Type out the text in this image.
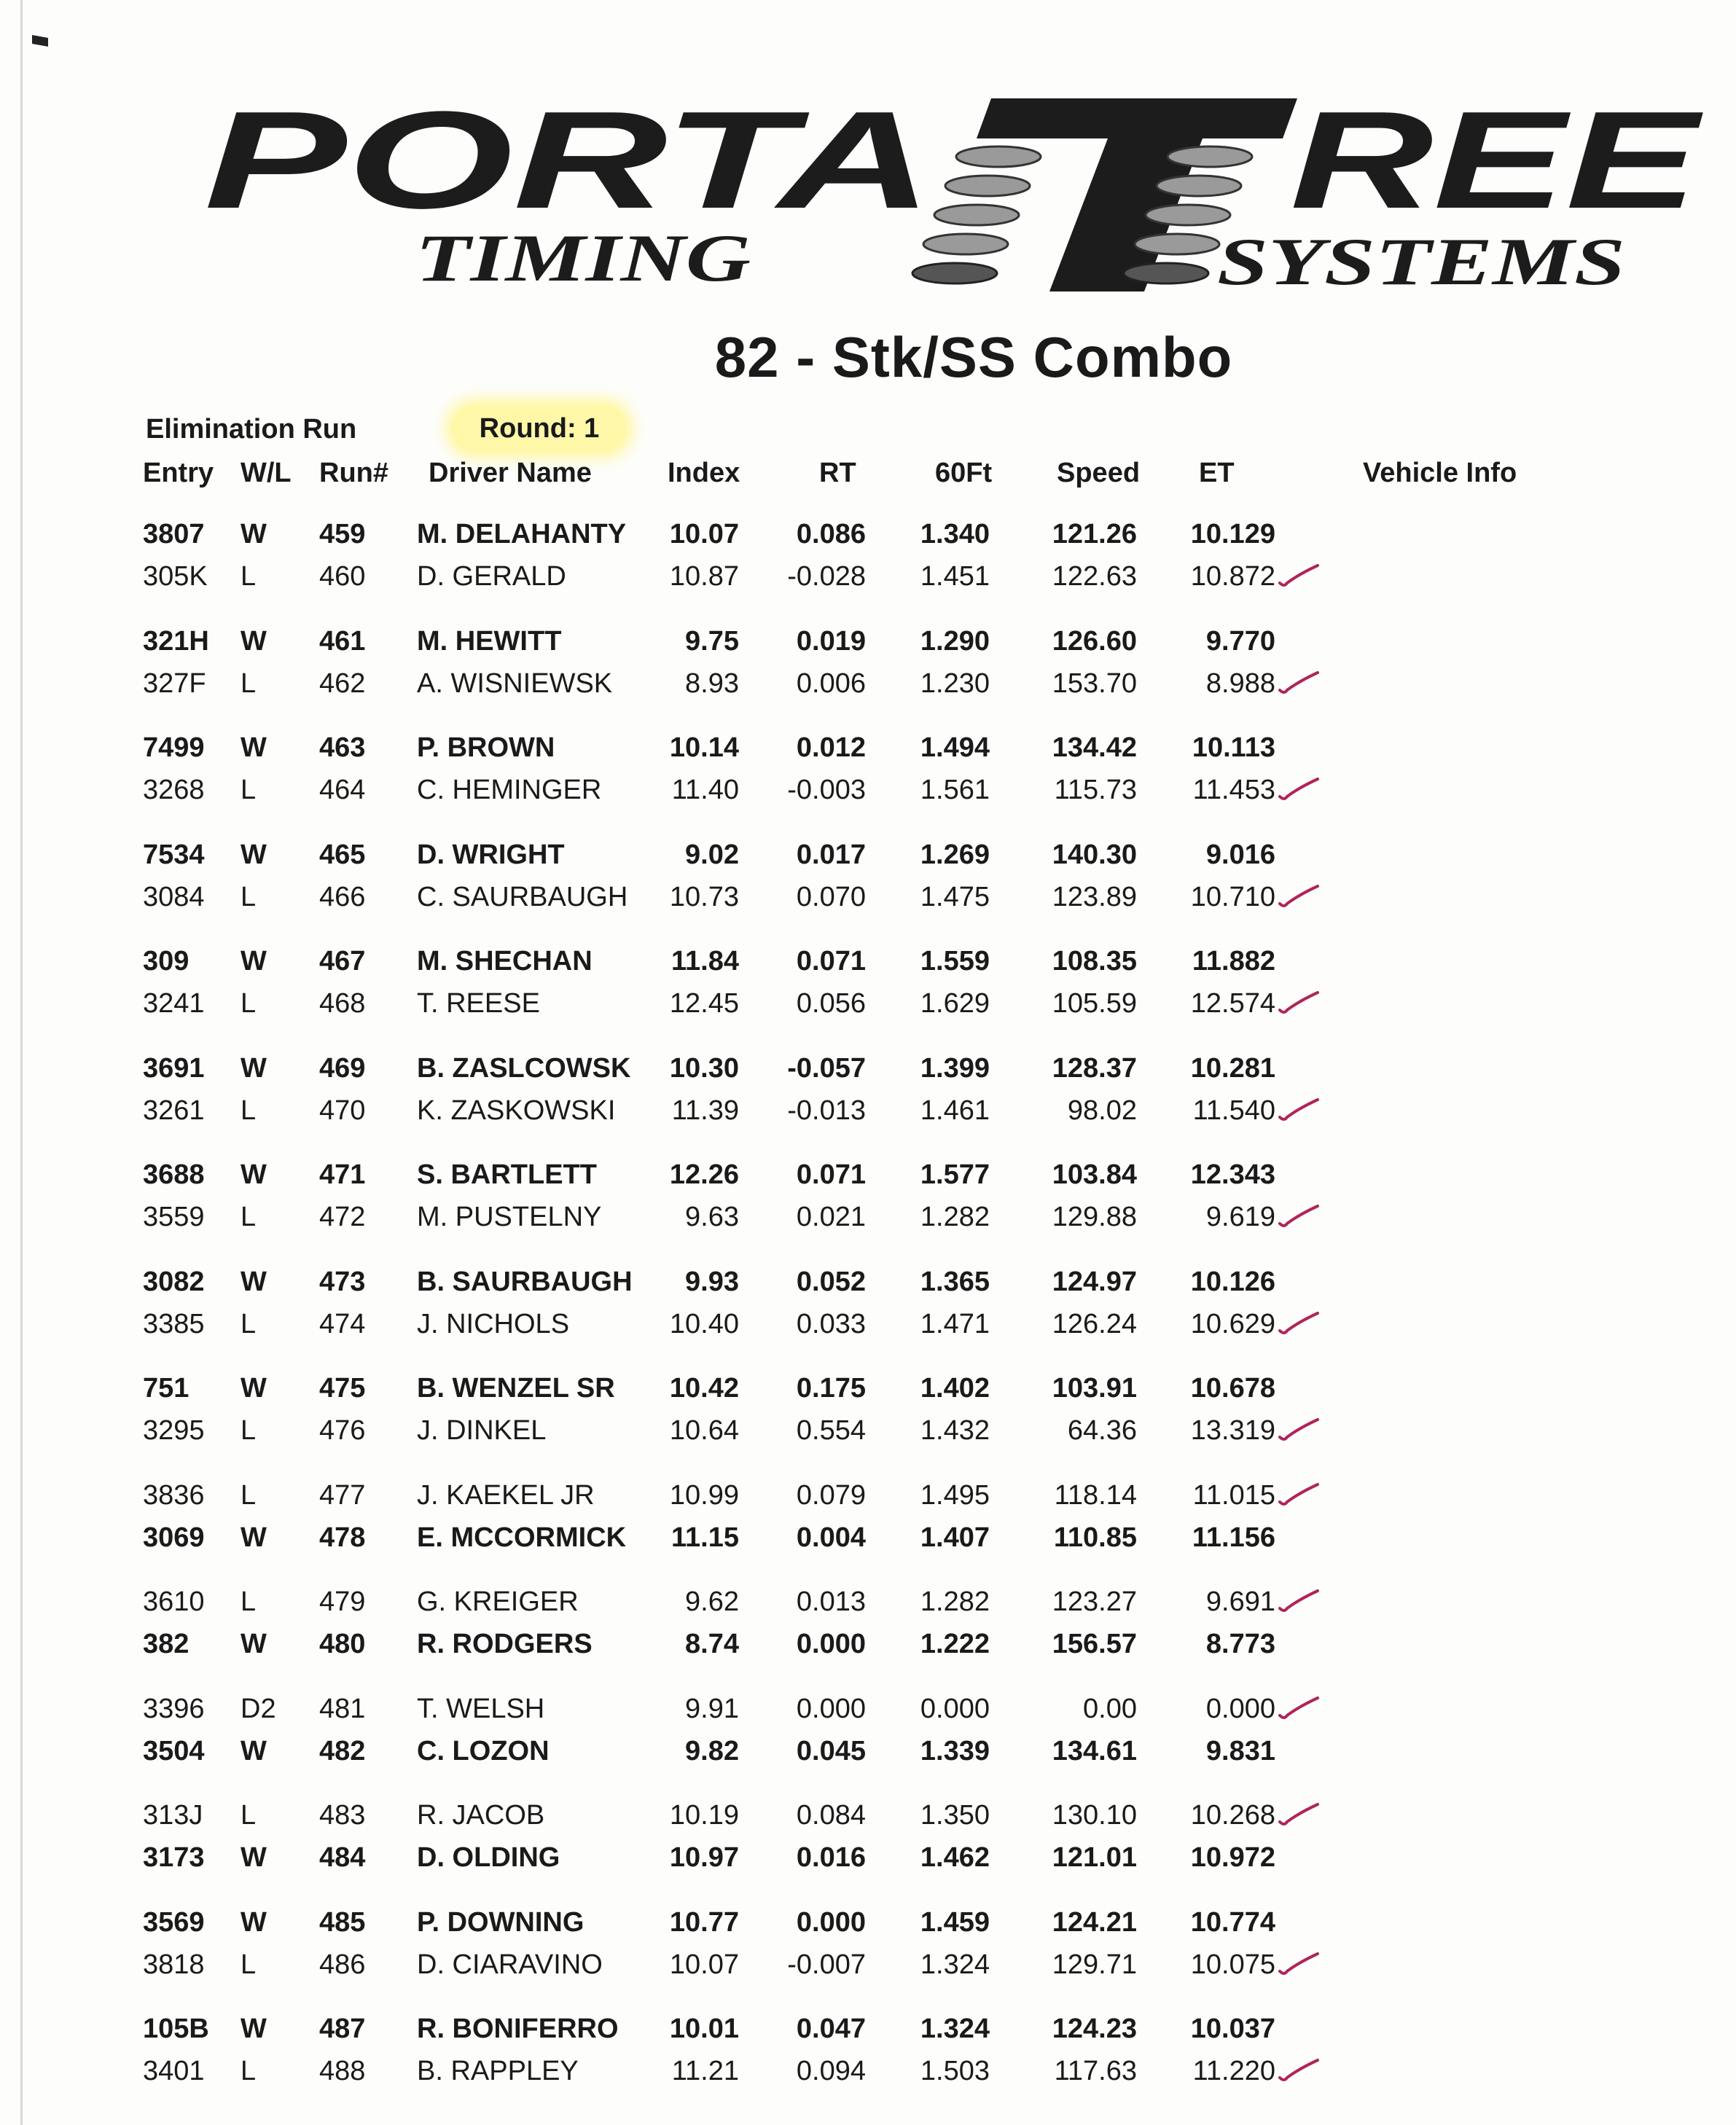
PORTA	REE
TIMING	SYSTEMS
82 - Stk/SS Combo
Elimination Run	Round: 1
Entry W/L Run# Driver Name	Index	RT	60Ft Speed ET	Vehicle Info
3807 W 459 M. DELAHANTY 10.07 0.086 1.340 121.26 10.129
305K L 460 D. GERALD	10.87 -0.028 1.451 122.63 10.872
321H W 461 M. HEWITT	9.75 0.019 1.290 126.60 9.770
327F L 462 A. WISNIEWSK	8.93 0.006 1.230 153.70 8.988
7499 W 463 P. BROWN	10.14 0.012 1.494 134.42 10.113
3268 L 464 C. HEMINGER	11.40 -0.003 1.561 115.73 11.453
7534 W 465 D. WRIGHT	9.02 0.017 1.269 140.30 9.016
3084 L 466 C. SAURBAUGH 10.73 0.070 1.475 123.89 10.710
309 W 467 M. SHECHAN	11.84 0.071 1.559 108.35 11.882
3241 L 468 T. REESE	12.45 0.056 1.629 105.59 12.574
3691 W 469 B. ZASLCOWSK 10.30 -0.057 1.399 128.37 10.281
3261 L 470 K. ZASKOWSKI 11.39 -0.013 1.461	98.02 11.540
3688 W 471 S. BARTLETT	12.26 0.071 1.577 103.84 12.343
3559 L 472 M. PUSTELNY	9.63 0.021 1.282 129.88 9.619
3082 W 473 B. SAURBAUGH 9.93 0.052 1.365 124.97 10.126
3385 L 474 J. NICHOLS	10.40 0.033 1.471 126.24 10.629
751 W 475 B. WENZEL SR 10.42 0.175 1.402 103.91 10.678
3295 L 476 J. DINKEL	10.64 0.554 1.432	64.36 13.319
3836 L 477 J. KAEKEL JR	10.99 0.079 1.495 118.14 11.015
3069 W 478 E. MCCORMICK 11.15 0.004 1.407 110.85 11.156
3610 L 479 G. KREIGER	9.62 0.013 1.282 123.27 9.691
382 W 480 R. RODGERS	8.74 0.000 1.222 156.57 8.773
3396 D2 481 T. WELSH	9.91 0.000 0.000	0.00 0.000
3504 W 482 C. LOZON	9.82 0.045 1.339 134.61 9.831
313J L 483 R. JACOB	10.19 0.084 1.350 130.10 10.268
3173 W 484 D. OLDING	10.97 0.016 1.462 121.01 10.972
3569 W 485 P. DOWNING	10.77 0.000 1.459 124.21 10.774
3818 L 486 D. CIARAVINO 10.07 -0.007 1.324 129.71 10.075
105B W 487 R. BONIFERRO 10.01 0.047 1.324 124.23 10.037
3401 L 488 B. RAPPLEY	11.21 0.094 1.503 117.63 11.220
